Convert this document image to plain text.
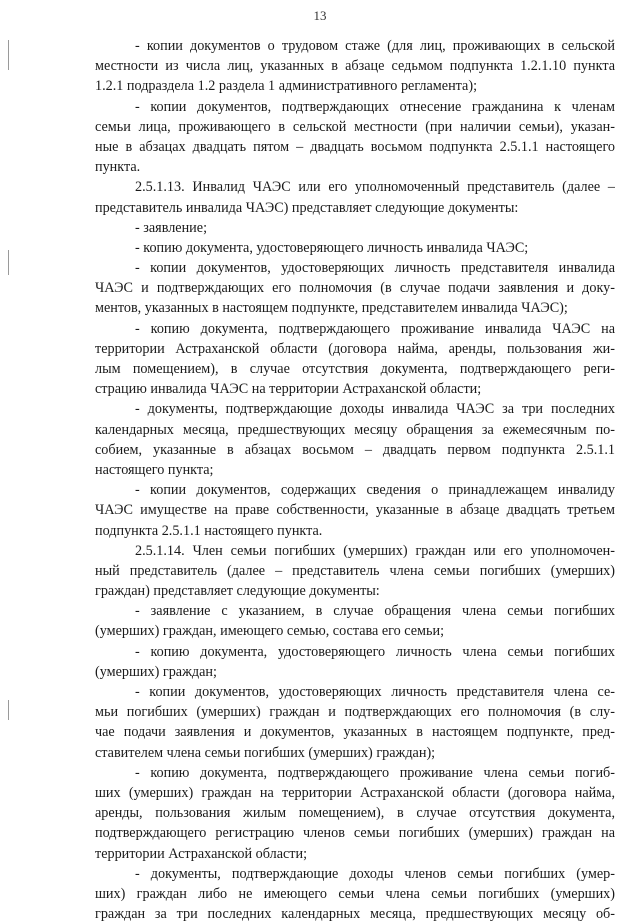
13
- копии документов о трудовом стаже (для лиц, проживающих в сельской
местности из числа лиц, указанных в абзаце седьмом подпункта 1.2.1.10 пункта
1.2.1 подраздела 1.2 раздела 1 административного регламента);
- копии документов, подтверждающих отнесение гражданина к членам
семьи лица, проживающего в сельской местности (при наличии семьи), указан-
ные в абзацах двадцать пятом – двадцать восьмом подпункта 2.5.1.1 настоящего
пункта.
2.5.1.13. Инвалид ЧАЭС или его уполномоченный представитель (далее –
представитель инвалида ЧАЭС) представляет следующие документы:
- заявление;
- копию документа, удостоверяющего личность инвалида ЧАЭС;
- копии документов, удостоверяющих личность представителя инвалида
ЧАЭС и подтверждающих его полномочия (в случае подачи заявления и доку-
ментов, указанных в настоящем подпункте, представителем инвалида ЧАЭС);
- копию документа, подтверждающего проживание инвалида ЧАЭС на
территории Астраханской области (договора найма, аренды, пользования жи-
лым помещением), в случае отсутствия документа, подтверждающего реги-
страцию инвалида ЧАЭС на территории Астраханской области;
- документы, подтверждающие доходы инвалида ЧАЭС за три последних
календарных месяца, предшествующих месяцу обращения за ежемесячным по-
собием, указанные в абзацах восьмом – двадцать первом подпункта 2.5.1.1
настоящего пункта;
- копии документов, содержащих сведения о принадлежащем инвалиду
ЧАЭС имуществе на праве собственности, указанные в абзаце двадцать третьем
подпункта 2.5.1.1 настоящего пункта.
2.5.1.14. Член семьи погибших (умерших) граждан или его уполномочен-
ный представитель (далее – представитель члена семьи погибших (умерших)
граждан) представляет следующие документы:
- заявление с указанием, в случае обращения члена семьи погибших
(умерших) граждан, имеющего семью, состава его семьи;
- копию документа, удостоверяющего личность члена семьи погибших
(умерших) граждан;
- копии документов, удостоверяющих личность представителя члена се-
мьи погибших (умерших) граждан и подтверждающих его полномочия (в слу-
чае подачи заявления и документов, указанных в настоящем подпункте, пред-
ставителем члена семьи погибших (умерших) граждан);
- копию документа, подтверждающего проживание члена семьи погиб-
ших (умерших) граждан на территории Астраханской области (договора найма,
аренды, пользования жилым помещением), в случае отсутствия документа,
подтверждающего регистрацию членов семьи погибших (умерших) граждан на
территории Астраханской области;
- документы, подтверждающие доходы членов семьи погибших (умер-
ших) граждан либо не имеющего семьи члена семьи погибших (умерших)
граждан за три последних календарных месяца, предшествующих месяцу об-
